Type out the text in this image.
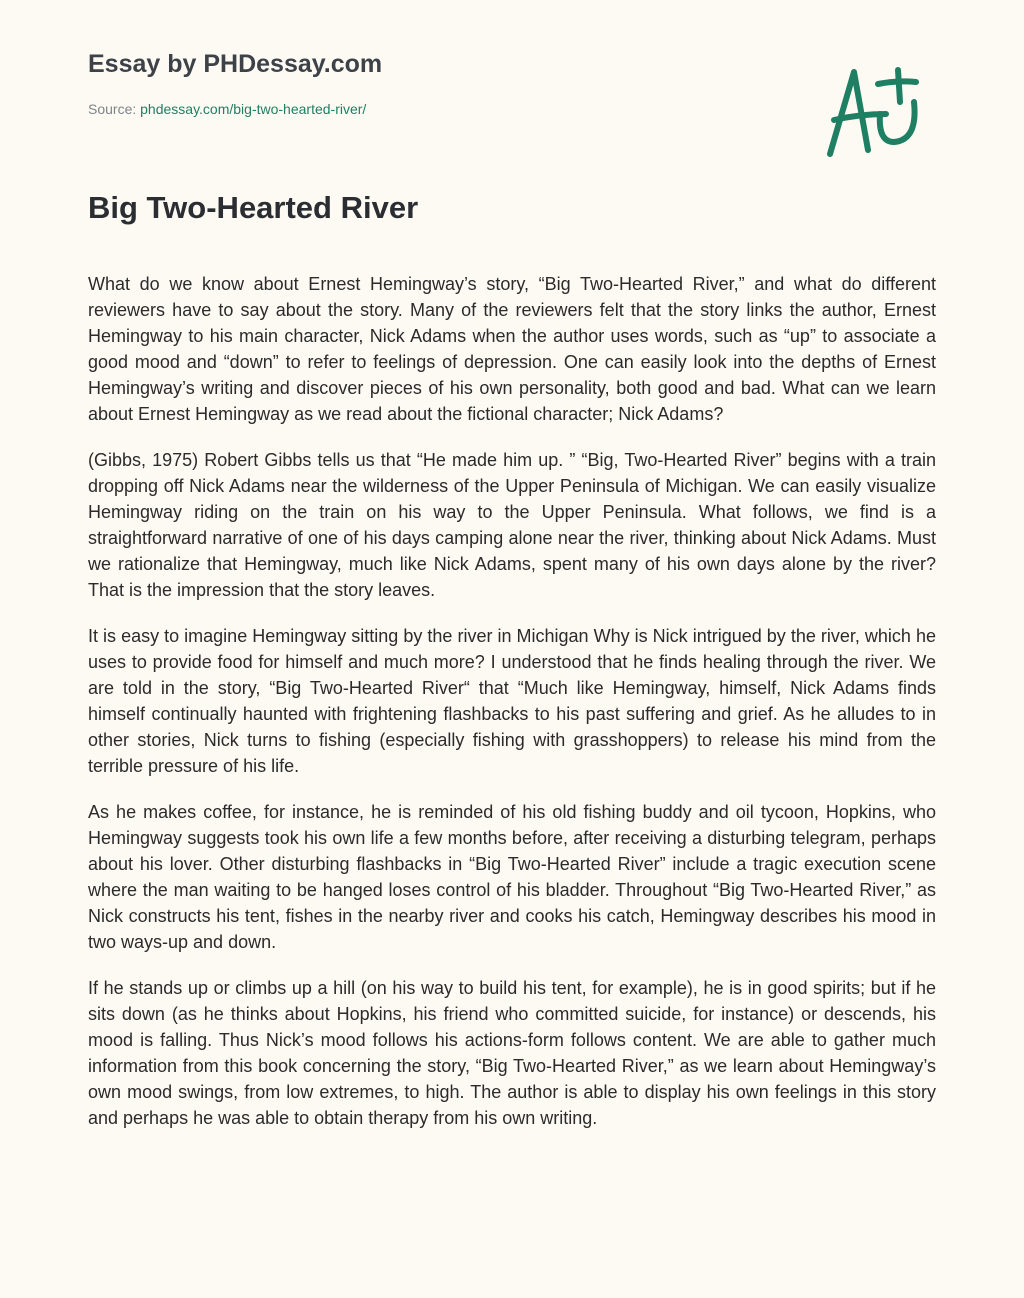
Essay by PHDessay.com
Source: phdessay.com/big-two-hearted-river/
Big Two-Hearted River

What do we know about Ernest Hemingway’s story, “Big Two-Hearted River,” and what do different reviewers have to say about the story. Many of the reviewers felt that the story links the author, Ernest Hemingway to his main character, Nick Adams when the author uses words, such as “up” to associate a good mood and “down” to refer to feelings of depression. One can easily look into the depths of Ernest Hemingway’s writing and discover pieces of his own personality, both good and bad. What can we learn about Ernest Hemingway as we read about the fictional character; Nick Adams?

(Gibbs, 1975) Robert Gibbs tells us that “He made him up. ” “Big, Two-Hearted River” begins with a train dropping off Nick Adams near the wilderness of the Upper Peninsula of Michigan. We can easily visualize Hemingway riding on the train on his way to the Upper Peninsula. What follows, we find is a straightforward narrative of one of his days camping alone near the river, thinking about Nick Adams. Must we rationalize that Hemingway, much like Nick Adams, spent many of his own days alone by the river? That is the impression that the story leaves.

It is easy to imagine Hemingway sitting by the river in Michigan Why is Nick intrigued by the river, which he uses to provide food for himself and much more? I understood that he finds healing through the river. We are told in the story, “Big Two-Hearted River“ that “Much like Hemingway, himself, Nick Adams finds himself continually haunted with frightening flashbacks to his past suffering and grief. As he alludes to in other stories, Nick turns to fishing (especially fishing with grasshoppers) to release his mind from the terrible pressure of his life.

As he makes coffee, for instance, he is reminded of his old fishing buddy and oil tycoon, Hopkins, who Hemingway suggests took his own life a few months before, after receiving a disturbing telegram, perhaps about his lover. Other disturbing flashbacks in “Big Two-Hearted River” include a tragic execution scene where the man waiting to be hanged loses control of his bladder. Throughout “Big Two-Hearted River,” as Nick constructs his tent, fishes in the nearby river and cooks his catch, Hemingway describes his mood in two ways-up and down.

If he stands up or climbs up a hill (on his way to build his tent, for example), he is in good spirits; but if he sits down (as he thinks about Hopkins, his friend who committed suicide, for instance) or descends, his mood is falling. Thus Nick’s mood follows his actions-form follows content. We are able to gather much information from this book concerning the story, “Big Two-Hearted River,” as we learn about Hemingway’s own mood swings, from low extremes, to high. The author is able to display his own feelings in this story and perhaps he was able to obtain therapy from his own writing.
